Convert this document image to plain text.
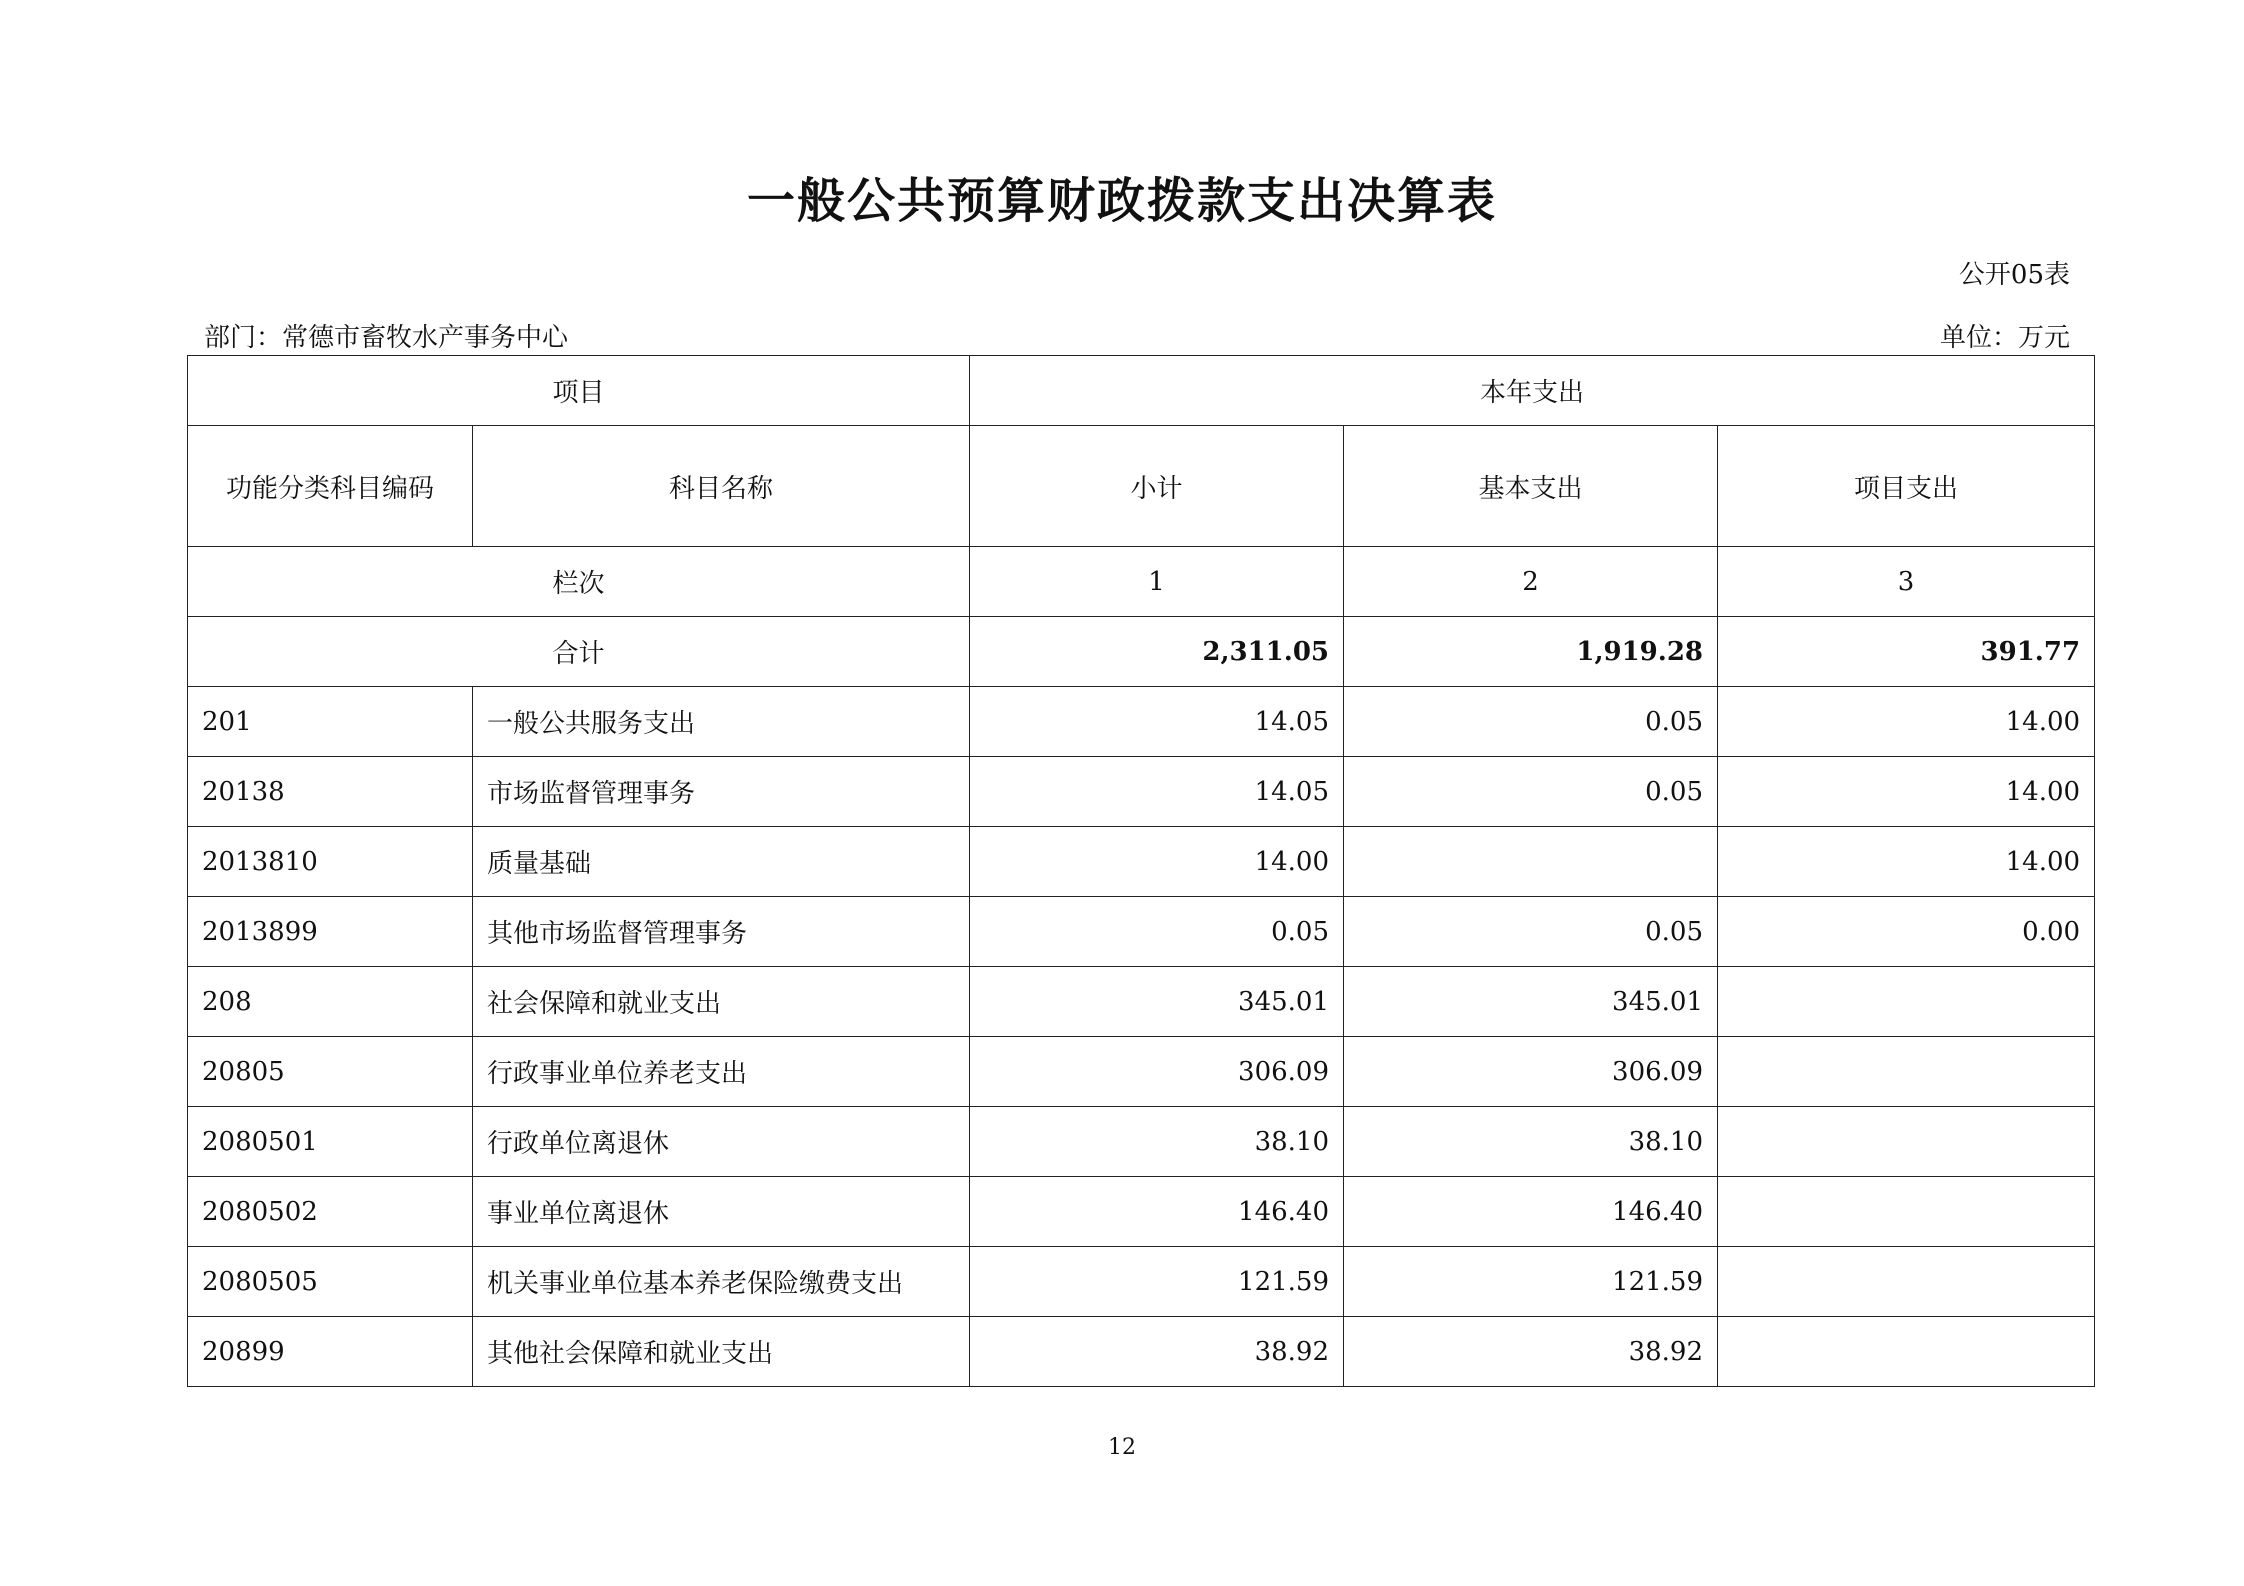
一般公共预算财政拨款支出决算表
公开05表
部门：常德市畜牧水产事务中心	单位：万元
项目		本年支出		
功能分类科目编码	科目名称	小计	基本支出	项目支出
栏次		1	2	3
合计		2,311.05	1,919.28	391.77
201	一般公共服务支出	14.05	0.05	14.00
20138	市场监督管理事务	14.05	0.05	14.00
2013810	质量基础	14.00		14.00
2013899	其他市场监督管理事务	0.05	0.05	0.00
208	社会保障和就业支出	345.01	345.01	
20805	行政事业单位养老支出	306.09	306.09	
2080501	行政单位离退休	38.10	38.10	
2080502	事业单位离退休	146.40	146.40	
2080505	机关事业单位基本养老保险缴费支出	121.59	121.59	
20899	其他社会保障和就业支出	38.92	38.92	
12
